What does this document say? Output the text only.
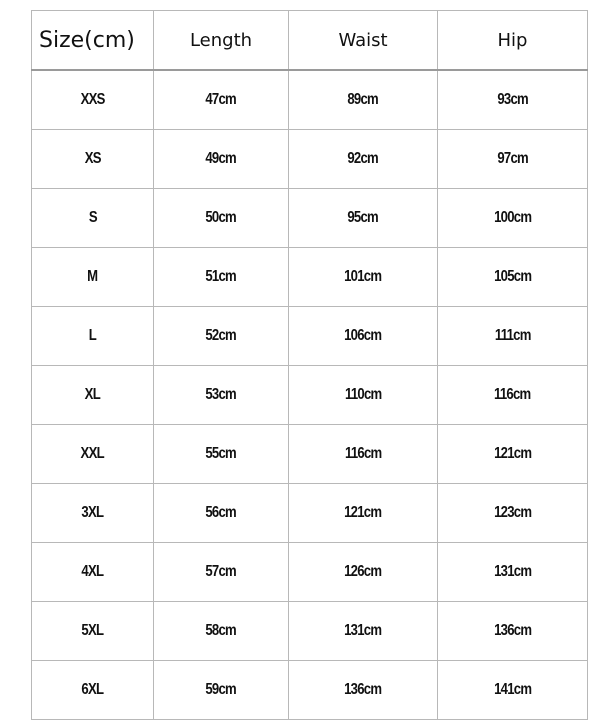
Size(cm)	Length	Waist	Hip
XXS	47cm	89cm	93cm
XS	49cm	92cm	97cm
S	50cm	95cm	100cm
M	51cm	101cm	105cm
L	52cm	106cm	111cm
XL	53cm	110cm	116cm
XXL	55cm	116cm	121cm
3XL	56cm	121cm	123cm
4XL	57cm	126cm	131cm
5XL	58cm	131cm	136cm
6XL	59cm	136cm	141cm
